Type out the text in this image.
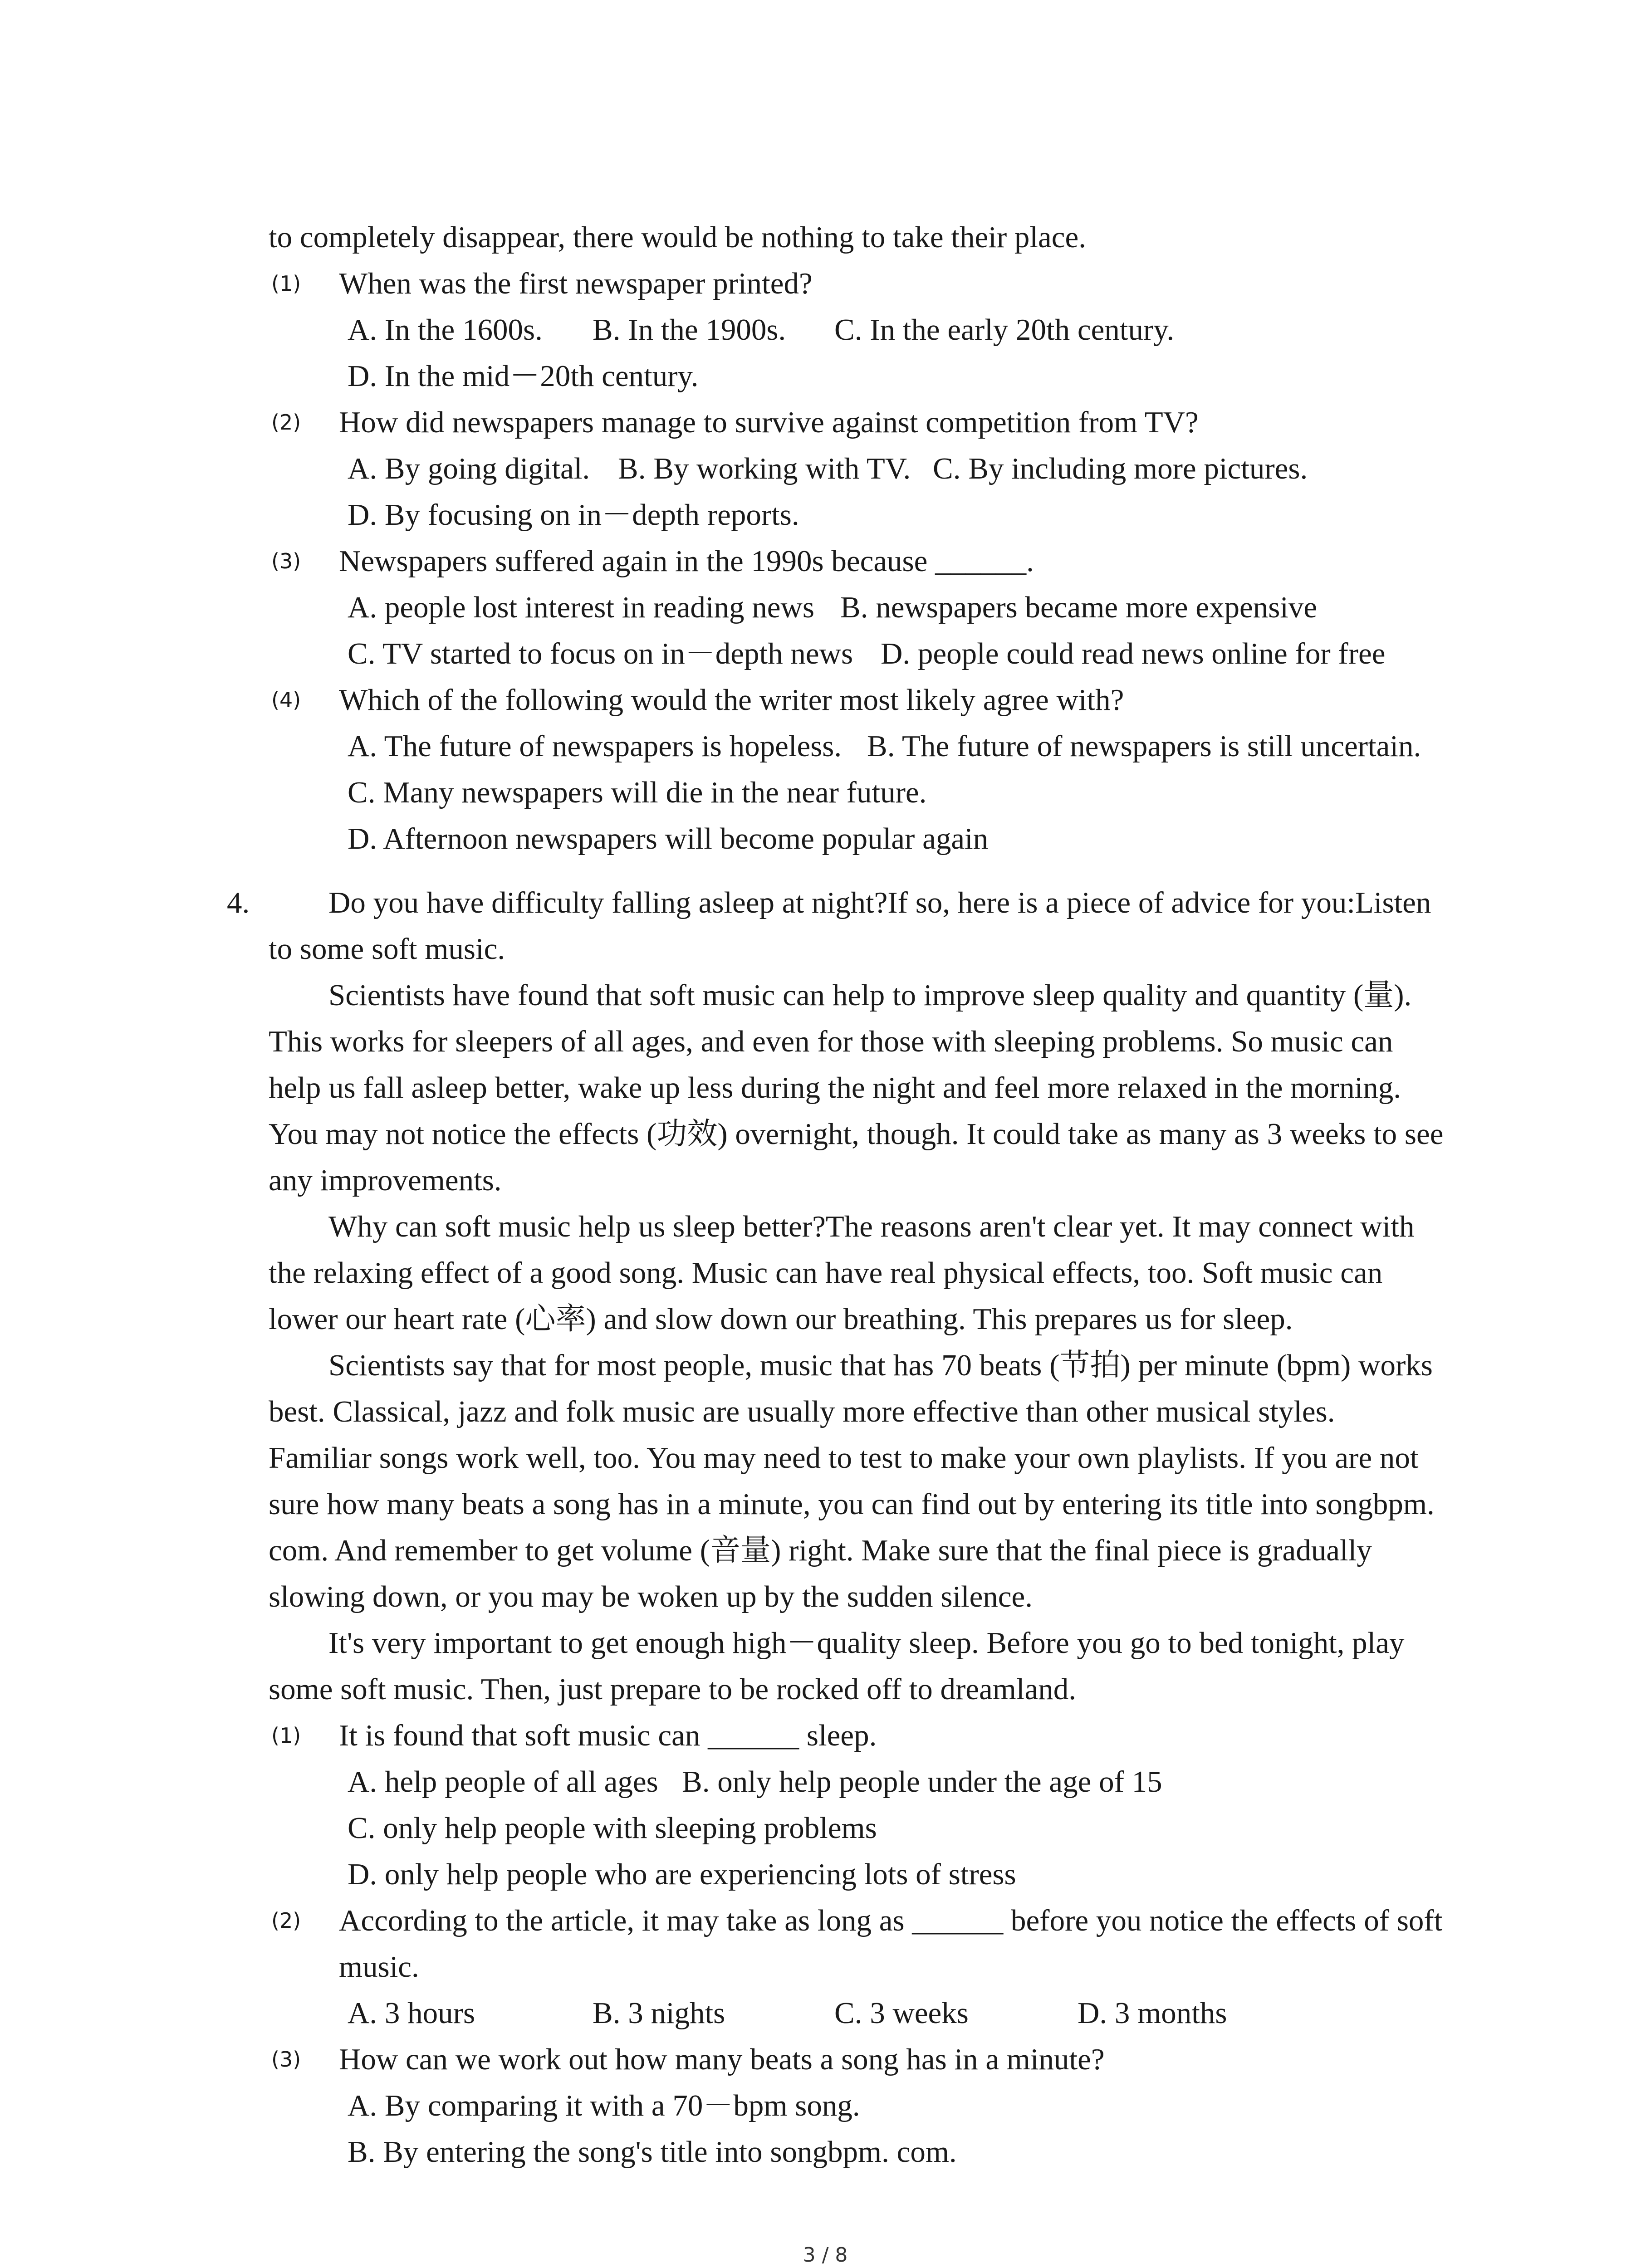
to completely disappear, there would be nothing to take their place.
(1) When was the first newspaper printed?
A. In the 1600s. B. In the 1900s. C. In the early 20th century.
D. In the mid－20th century.
(2) How did newspapers manage to survive against competition from TV?
A. By going digital. B. By working with TV. C. By including more pictures.
D. By focusing on in－depth reports.
(3) Newspapers suffered again in the 1990s because ______.
A. people lost interest in reading news B. newspapers became more expensive
C. TV started to focus on in－depth news D. people could read news online for free
(4) Which of the following would the writer most likely agree with?
A. The future of newspapers is hopeless. B. The future of newspapers is still uncertain.
C. Many newspapers will die in the near future.
D. Afternoon newspapers will become popular again
4.	Do you have difficulty falling asleep at night?If so, here is a piece of advice for you:Listen
to some soft music.
Scientists have found that soft music can help to improve sleep quality and quantity (量).
This works for sleepers of all ages, and even for those with sleeping problems. So music can
help us fall asleep better, wake up less during the night and feel more relaxed in the morning.
You may not notice the effects (功效) overnight, though. It could take as many as 3 weeks to see
any improvements.
Why can soft music help us sleep better?The reasons aren't clear yet. It may connect with
the relaxing effect of a good song. Music can have real physical effects, too. Soft music can
lower our heart rate (心率) and slow down our breathing. This prepares us for sleep.
Scientists say that for most people, music that has 70 beats (节拍) per minute (bpm) works
best. Classical, jazz and folk music are usually more effective than other musical styles.
Familiar songs work well, too. You may need to test to make your own playlists. If you are not
sure how many beats a song has in a minute, you can find out by entering its title into songbpm.
com. And remember to get volume (音量) right. Make sure that the final piece is gradually
slowing down, or you may be woken up by the sudden silence.
It's very important to get enough high－quality sleep. Before you go to bed tonight, play
some soft music. Then, just prepare to be rocked off to dreamland.
(1) It is found that soft music can ______ sleep.
A. help people of all ages B. only help people under the age of 15
C. only help people with sleeping problems
D. only help people who are experiencing lots of stress
(2) According to the article, it may take as long as ______ before you notice the effects of soft
music.
A. 3 hours	B. 3 nights	C. 3 weeks	D. 3 months
(3) How can we work out how many beats a song has in a minute?
A. By comparing it with a 70－bpm song.
B. By entering the song's title into songbpm. com.
3 / 8
